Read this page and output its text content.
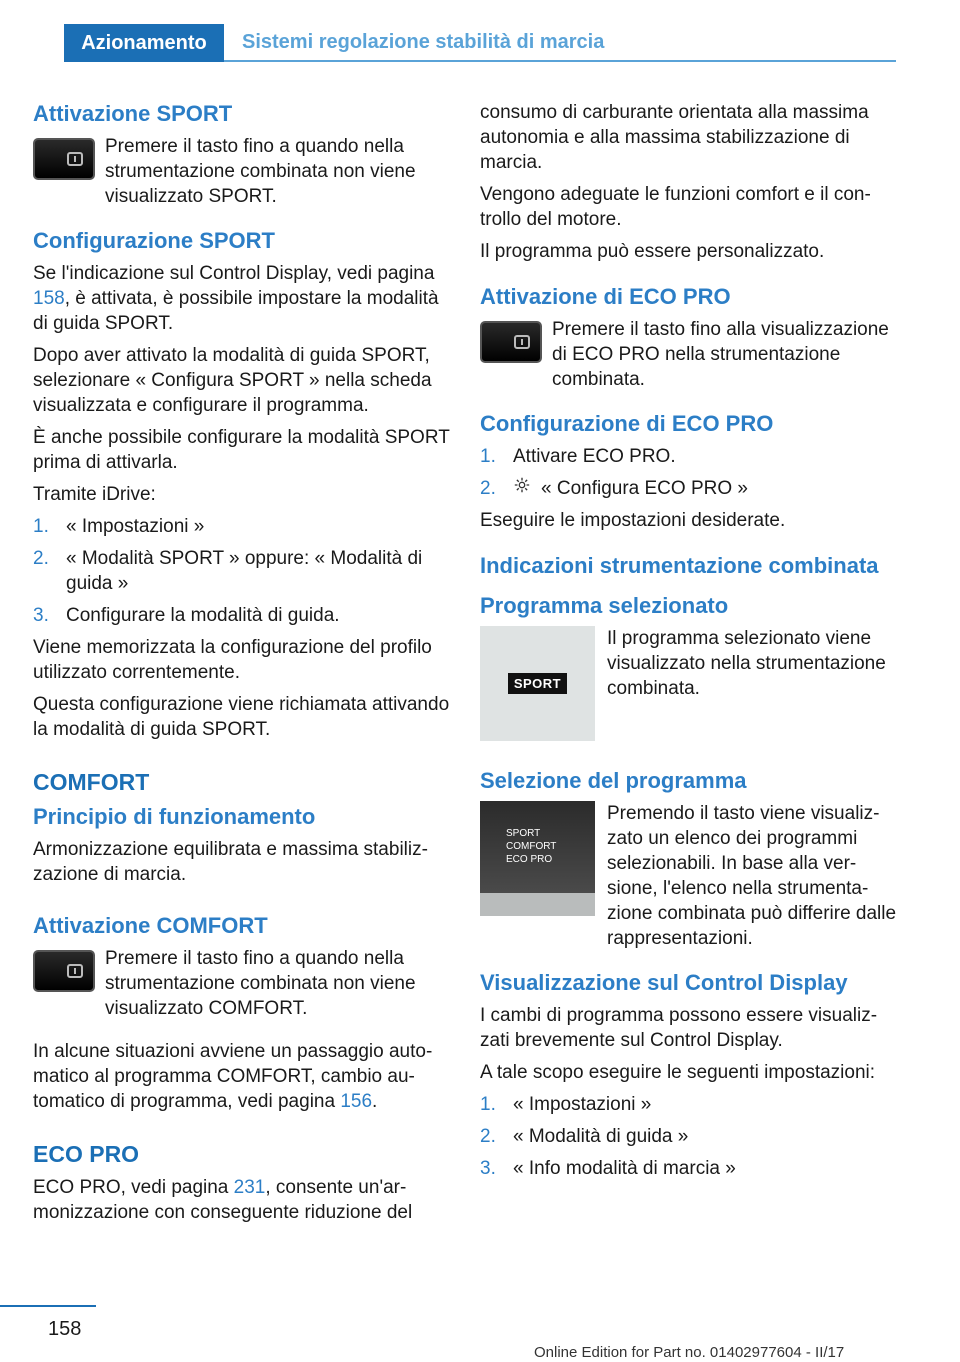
Azionamento	Sistemi regolazione stabilità di marcia
Attivazione SPORT

Premere il tasto fino a quando nella strumentazione combinata non viene visualizzato SPORT.

Configurazione SPORT

Se l'indicazione sul Control Display, vedi pagina 158, è attivata, è possibile impostare la modalità di guida SPORT.

Dopo aver attivato la modalità di guida SPORT, selezionare « Configura SPORT » nella scheda visualizzata e configurare il programma.

È anche possibile configurare la modalità SPORT prima di attivarla.

Tramite iDrive:

1. « Impostazioni »
2. « Modalità SPORT » oppure: « Modalità di guida »
3. Configurare la modalità di guida.

Viene memorizzata la configurazione del profilo utilizzato correntemente.

Questa configurazione viene richiamata attivando la modalità di guida SPORT.

COMFORT
Principio di funzionamento

Armonizzazione equilibrata e massima stabilizzazione di marcia.

Attivazione COMFORT

Premere il tasto fino a quando nella strumentazione combinata non viene visualizzato COMFORT.

In alcune situazioni avviene un passaggio automatico al programma COMFORT, cambio automatico di programma, vedi pagina 156.

ECO PRO

ECO PRO, vedi pagina 231, consente un'armonizzazione con conseguente riduzione del

consumo di carburante orientata alla massima autonomia e alla massima stabilizzazione di marcia.

Vengono adeguate le funzioni comfort e il controllo del motore.

Il programma può essere personalizzato.

Attivazione di ECO PRO

Premere il tasto fino alla visualizzazione di ECO PRO nella strumentazione combinata.

Configurazione di ECO PRO
1. Attivare ECO PRO.
2.	« Configura ECO PRO »

Eseguire le impostazioni desiderate.

Indicazioni strumentazione combinata
Programma selezionato
SPORT

Il programma selezionato viene visualizzato nella strumentazione combinata.

Selezione del programma
SPORT
COMFORT
ECO PRO

Premendo il tasto viene visualizzato un elenco dei programmi selezionabili. In base alla versione, l'elenco nella strumentazione combinata può differire dalle rappresentazioni.

Visualizzazione sul Control Display

I cambi di programma possono essere visualizzati brevemente sul Control Display.

A tale scopo eseguire le seguenti impostazioni:

1. « Impostazioni »
2. « Modalità di guida »
3. « Info modalità di marcia »
158
Online Edition for Part no. 01402977604 - II/17
